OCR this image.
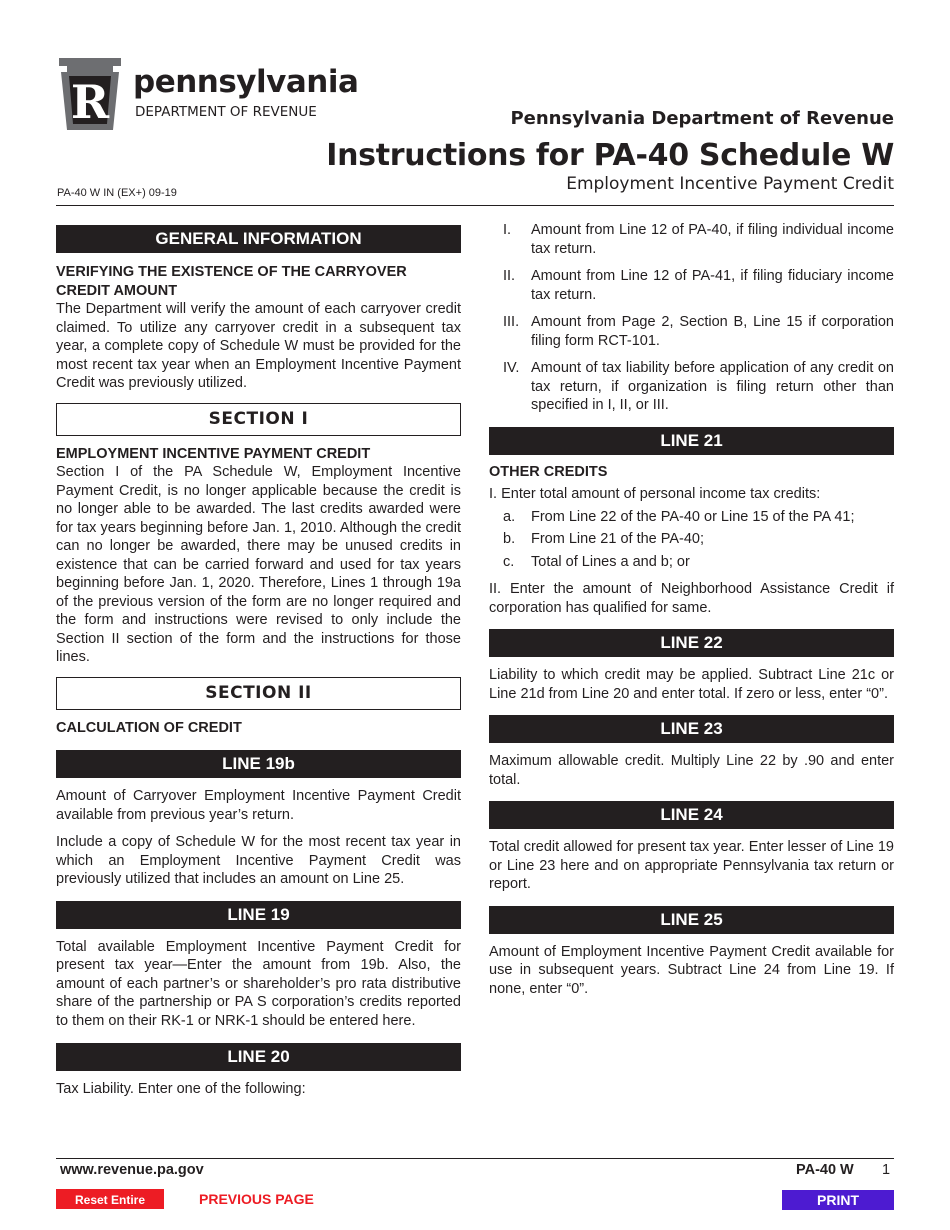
R pennsylvania
DEPARTMENT OF REVENUE	Pennsylvania Department of Revenue
Instructions for PA-40 Schedule W
Employment Incentive Payment Credit
PA-40 W IN (EX+) 09-19
GENERAL INFORMATION
VERIFYING THE EXISTENCE OF THE CARRYOVER CREDIT AMOUNT

The Department will verify the amount of each carryover credit claimed. To utilize any carryover credit in a subsequent tax year, a complete copy of Schedule W must be provided for the most recent tax year when an Employment Incentive Payment Credit was previously utilized.

SECTION I
EMPLOYMENT INCENTIVE PAYMENT CREDIT

Section I of the PA Schedule W, Employment Incentive Payment Credit, is no longer applicable because the credit is no longer able to be awarded. The last credits awarded were for tax years beginning before Jan. 1, 2010. Although the credit can no longer be awarded, there may be unused credits in existence that can be carried forward and used for tax years beginning before Jan. 1, 2020. Therefore, Lines 1 through 19a of the previous version of the form are no longer required and the form and instructions were revised to only include the Section II section of the form and the instructions for those lines.

SECTION II
CALCULATION OF CREDIT
LINE 19b

Amount of Carryover Employment Incentive Payment Credit available from previous year’s return.

Include a copy of Schedule W for the most recent tax year in which an Employment Incentive Payment Credit was previously utilized that includes an amount on Line 25.

LINE 19

Total available Employment Incentive Payment Credit for present tax year—Enter the amount from 19b. Also, the amount of each partner’s or shareholder’s pro rata distributive share of the partnership or PA S corporation’s credits reported to them on their RK-1 or NRK-1 should be entered here.

LINE 20

Tax Liability. Enter one of the following:

I.	Amount from Line 12 of PA-40, if filing individual income tax return.
II.	Amount from Line 12 of PA-41, if filing fiduciary income tax return.
III. Amount from Page 2, Section B, Line 15 if corporation filing form RCT-101.
IV. Amount of tax liability before application of any credit on tax return, if organization is filing return other than specified in I, II, or III.
LINE 21
OTHER CREDITS

I. Enter total amount of personal income tax credits:

a.	From Line 22 of the PA-40 or Line 15 of the PA 41;
b.	From Line 21 of the PA-40;
c.	Total of Lines a and b; or

II. Enter the amount of Neighborhood Assistance Credit if corporation has qualified for same.

LINE 22

Liability to which credit may be applied. Subtract Line 21c or Line 21d from Line 20 and enter total. If zero or less, enter “0”.

LINE 23

Maximum allowable credit. Multiply Line 22 by .90 and enter total.

LINE 24

Total credit allowed for present tax year. Enter lesser of Line 19 or Line 23 here and on appropriate Pennsylvania tax return or report.

LINE 25

Amount of Employment Incentive Payment Credit available for use in subsequent years. Subtract Line 24 from Line 19. If none, enter “0”.

www.revenue.pa.gov	PA-40 W 1
Reset Entire Form
PREVIOUS PAGE	PRINT
